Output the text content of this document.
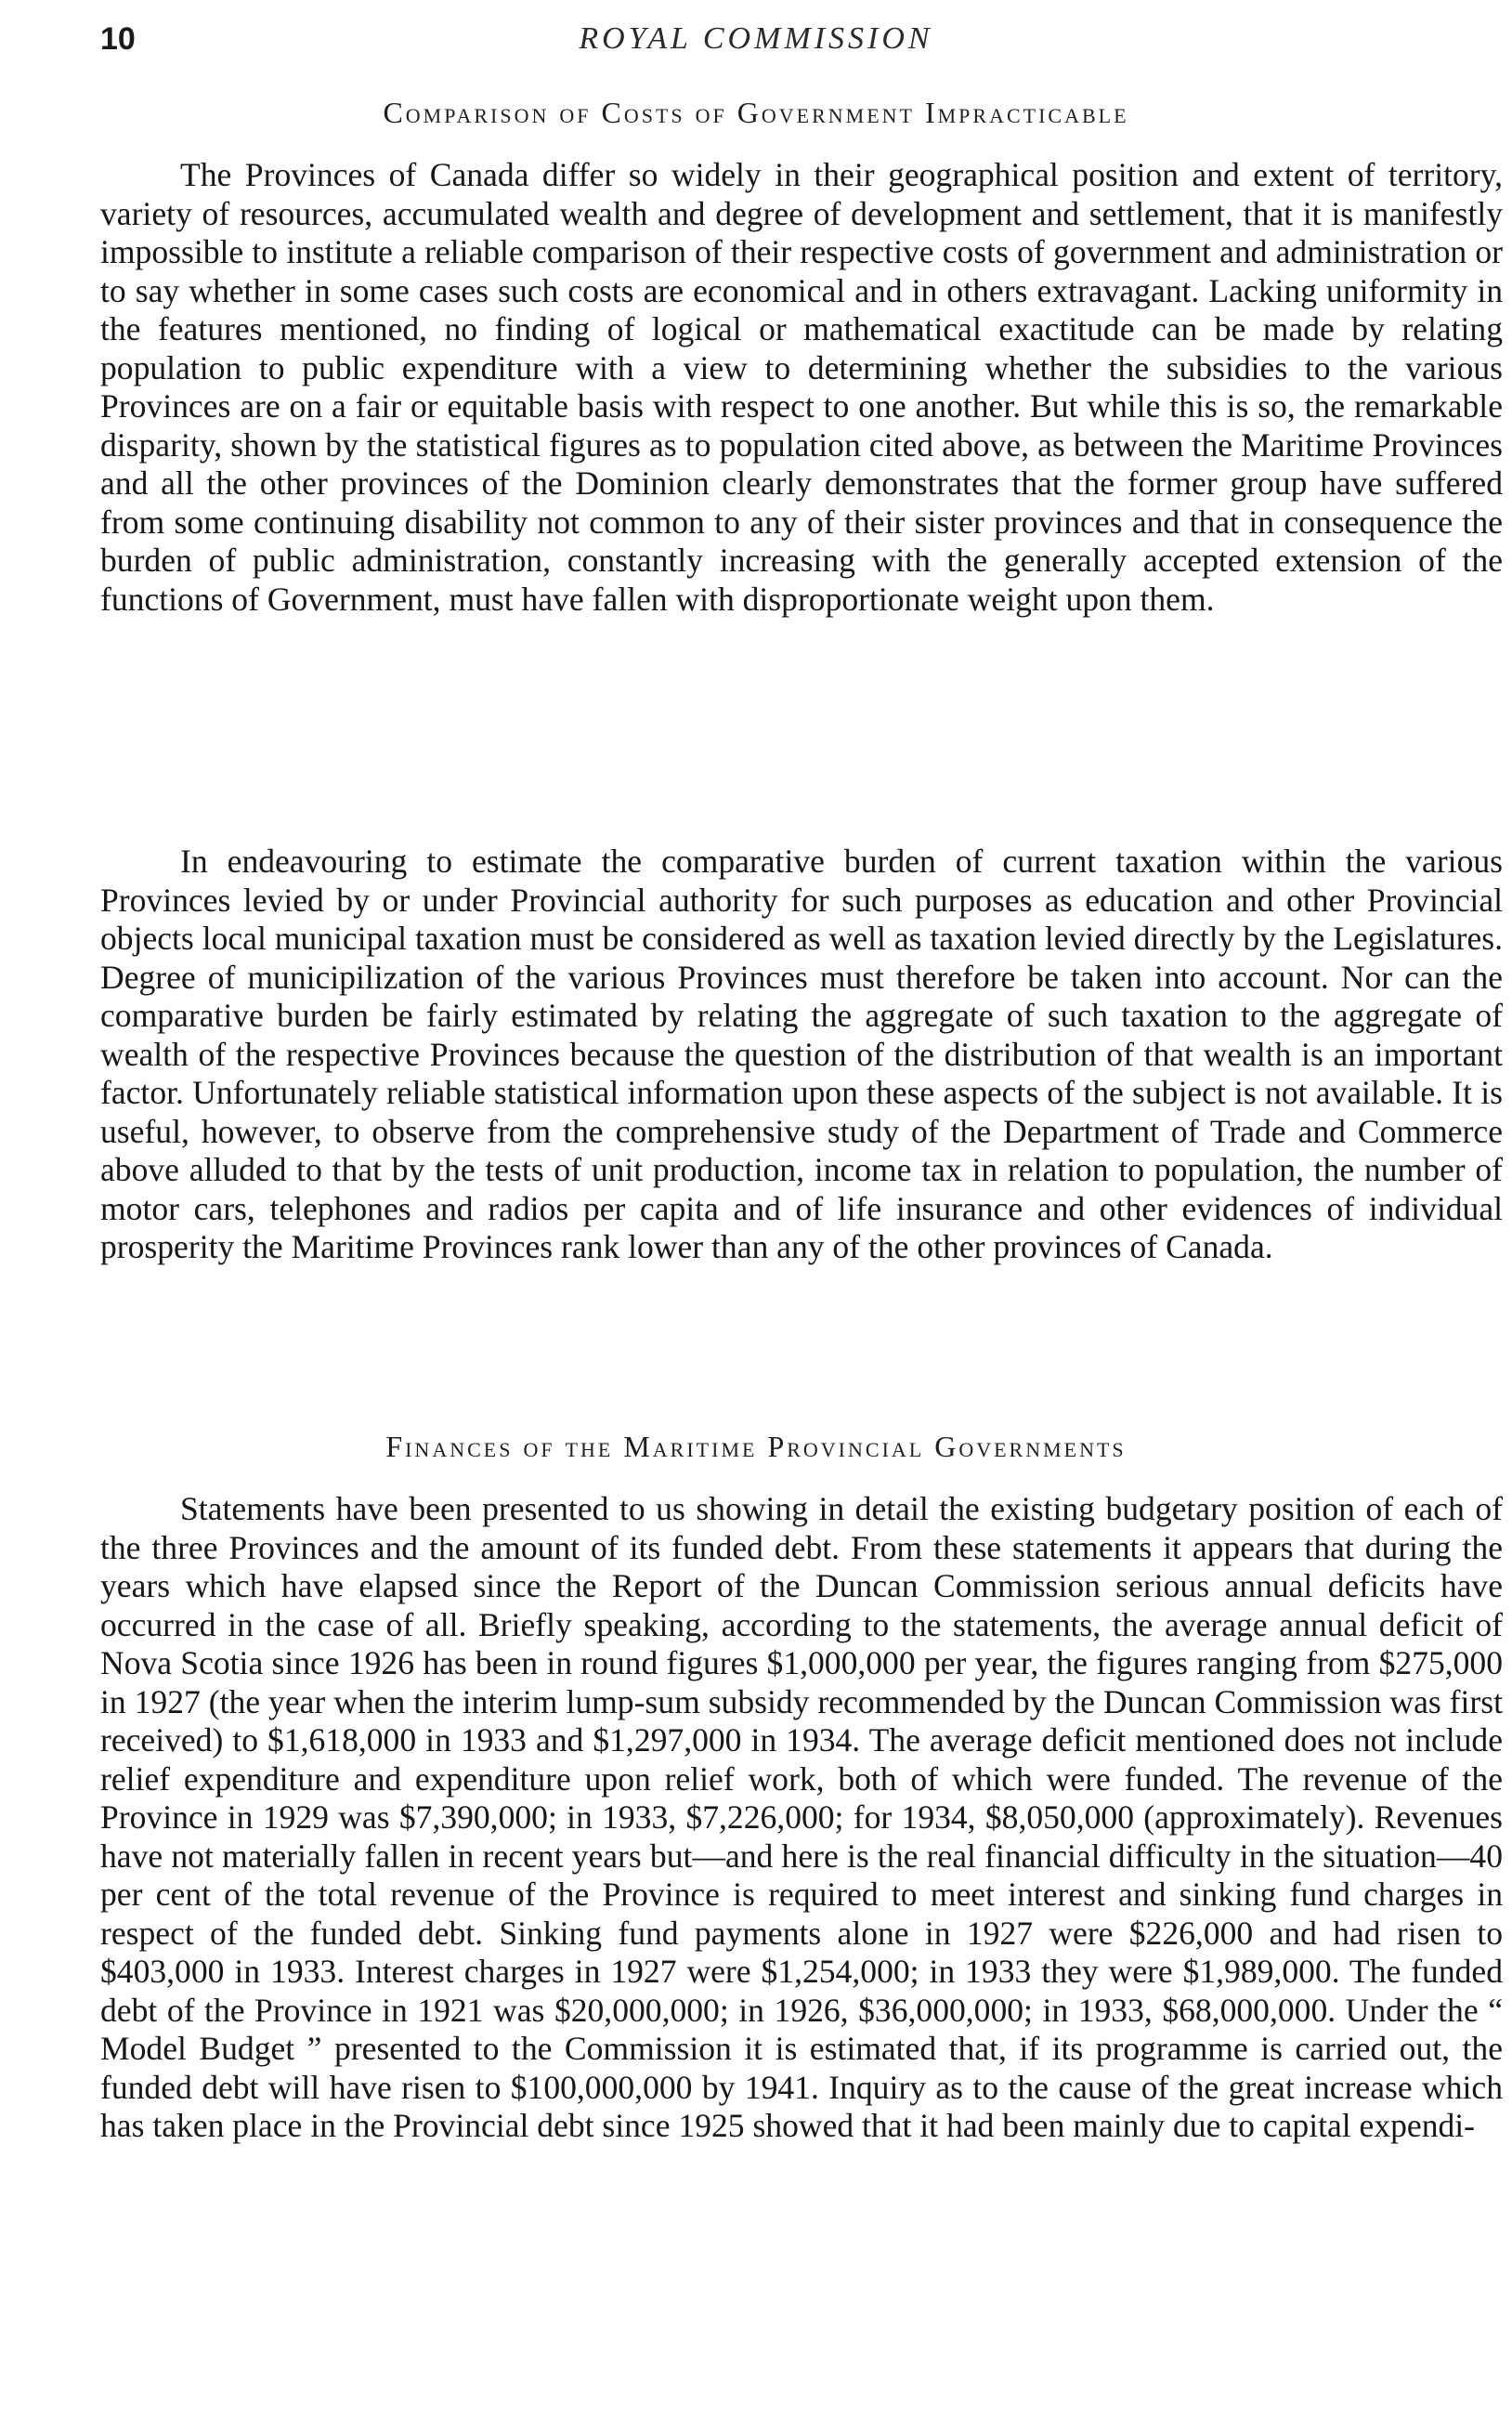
10	ROYAL COMMISSION
Comparison of Costs of Government Impracticable

The Provinces of Canada differ so widely in their geographical position and extent of territory, variety of resources, accumulated wealth and degree of development and settlement, that it is manifestly impossible to institute a reliable comparison of their respective costs of government and administration or to say whether in some cases such costs are economical and in others extravagant. Lacking uniformity in the features mentioned, no finding of logical or mathematical exactitude can be made by relating population to public expenditure with a view to determining whether the subsidies to the various Provinces are on a fair or equitable basis with respect to one another. But while this is so, the remarkable disparity, shown by the statistical figures as to population cited above, as between the Maritime Provinces and all the other provinces of the Dominion clearly demonstrates that the former group have suffered from some continuing disability not common to any of their sister provinces and that in consequence the burden of public administration, constantly increasing with the generally accepted extension of the functions of Government, must have fallen with disproportionate weight upon them.

In endeavouring to estimate the comparative burden of current taxation within the various Provinces levied by or under Provincial authority for such purposes as education and other Provincial objects local municipal taxation must be considered as well as taxation levied directly by the Legislatures. Degree of municipilization of the various Provinces must therefore be taken into account. Nor can the comparative burden be fairly estimated by relating the aggregate of such taxation to the aggregate of wealth of the respective Provinces because the question of the distribution of that wealth is an important factor. Unfortunately reliable statistical information upon these aspects of the subject is not available. It is useful, however, to observe from the comprehensive study of the Department of Trade and Commerce above alluded to that by the tests of unit production, income tax in relation to population, the number of motor cars, telephones and radios per capita and of life insurance and other evidences of individual prosperity the Maritime Provinces rank lower than any of the other provinces of Canada.

Finances of the Maritime Provincial Governments

Statements have been presented to us showing in detail the existing budgetary position of each of the three Provinces and the amount of its funded debt. From these statements it appears that during the years which have elapsed since the Report of the Duncan Commission serious annual deficits have occurred in the case of all. Briefly speaking, according to the statements, the average annual deficit of Nova Scotia since 1926 has been in round figures $1,000,000 per year, the figures ranging from $275,000 in 1927 (the year when the interim lump-sum subsidy recommended by the Duncan Commission was first received) to $1,618,000 in 1933 and $1,297,000 in 1934. The average deficit mentioned does not include relief expenditure and expenditure upon relief work, both of which were funded. The revenue of the Province in 1929 was $7,390,000; in 1933, $7,226,000; for 1934, $8,050,000 (approximately). Revenues have not materially fallen in recent years but—and here is the real financial difficulty in the situation—40 per cent of the total revenue of the Province is required to meet interest and sinking fund charges in respect of the funded debt. Sinking fund payments alone in 1927 were $226,000 and had risen to $403,000 in 1933. Interest charges in 1927 were $1,254,000; in 1933 they were $1,989,000. The funded debt of the Province in 1921 was $20,000,000; in 1926, $36,000,000; in 1933, $68,000,000. Under the “ Model Budget ” presented to the Commission it is estimated that, if its programme is carried out, the funded debt will have risen to $100,000,000 by 1941. Inquiry as to the cause of the great increase which has taken place in the Provincial debt since 1925 showed that it had been mainly due to capital expendi-
